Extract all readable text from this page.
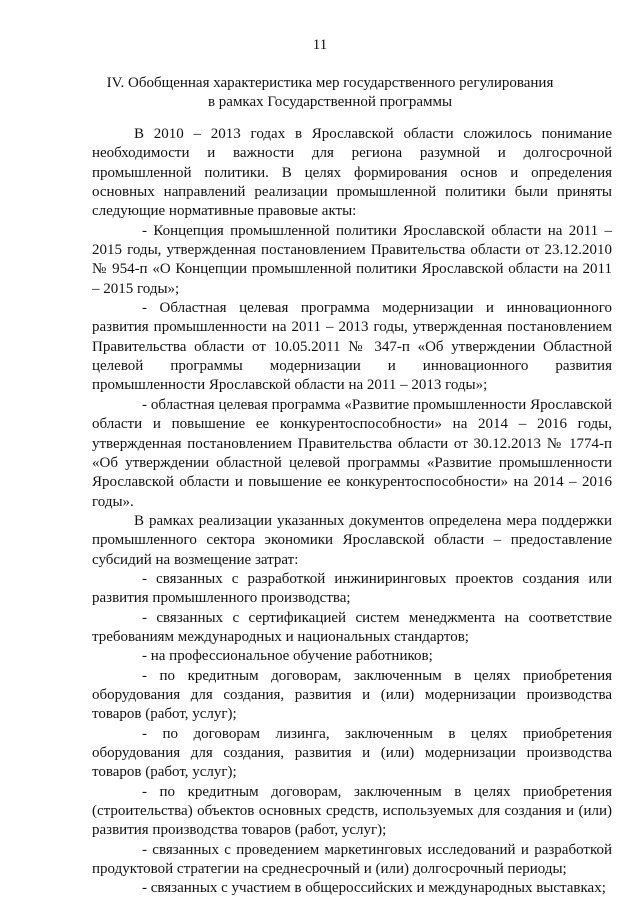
11
IV. Обобщенная характеристика мер государственного регулирования
в рамках Государственной программы

В 2010 – 2013 годах в Ярославской области сложилось понимание необходимости и важности для региона разумной и долгосрочной промышленной политики. В целях формирования основ и определения основных направлений реализации промышленной политики были приняты следующие нормативные правовые акты:

- Концепция промышленной политики Ярославской области на 2011 – 2015 годы, утвержденная постановлением Правительства области от 23.12.2010 № 954-п «О Концепции промышленной политики Ярославской области на 2011 – 2015 годы»;

- Областная целевая программа модернизации и инновационного развития промышленности на 2011 – 2013 годы, утвержденная постановлением Правительства области от 10.05.2011 № 347-п «Об утверждении Областной целевой программы модернизации и инновационного развития промышленности Ярославской области на 2011 – 2013 годы»;

- областная целевая программа «Развитие промышленности Ярославской области и повышение ее конкурентоспособности» на 2014 – 2016 годы, утвержденная постановлением Правительства области от 30.12.2013 № 1774-п «Об утверждении областной целевой программы «Развитие промышленности Ярославской области и повышение ее конкурентоспособности» на 2014 – 2016 годы».

В рамках реализации указанных документов определена мера поддержки промышленного сектора экономики Ярославской области – предоставление субсидий на возмещение затрат:

- связанных с разработкой инжиниринговых проектов создания или развития промышленного производства;

- связанных с сертификацией систем менеджмента на соответствие требованиям международных и национальных стандартов;

- на профессиональное обучение работников;

- по кредитным договорам, заключенным в целях приобретения оборудования для создания, развития и (или) модернизации производства товаров (работ, услуг);

- по договорам лизинга, заключенным в целях приобретения оборудования для создания, развития и (или) модернизации производства товаров (работ, услуг);

- по кредитным договорам, заключенным в целях приобретения (строительства) объектов основных средств, используемых для создания и (или) развития производства товаров (работ, услуг);

- связанных с проведением маркетинговых исследований и разработкой продуктовой стратегии на среднесрочный и (или) долгосрочный периоды;

- связанных с участием в общероссийских и международных выставках;
